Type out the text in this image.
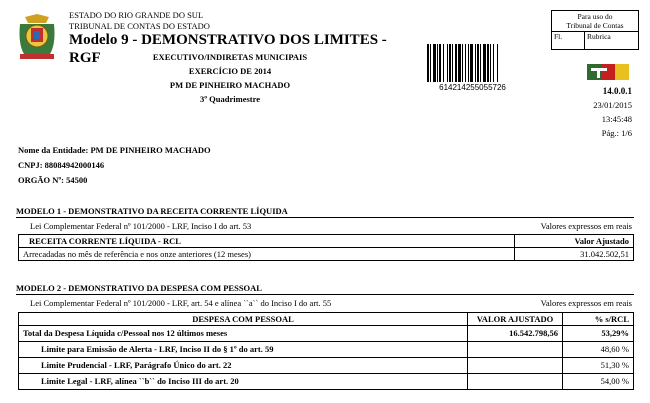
ESTADO DO RIO GRANDE DO SUL
TRIBUNAL DE CONTAS DO ESTADO
Modelo 9 - DEMONSTRATIVO DOS LIMITES - RGF	EXECUTIVO/INDIRETAS MUNICIPAIS
EXERCÍCIO DE 2014
PM DE PINHEIRO MACHADO
3º Quadrimestre
614214255055726
Para uso do
Tribunal de Contas
Fl.	Rubrica
14.0.0.1
23/01/2015
13:45:48
Pág.: 1/6
Nome da Entidade: PM DE PINHEIRO MACHADO
CNPJ: 88084942000146
ORGÃO Nº: 54500
MODELO 1 - DEMONSTRATIVO DA RECEITA CORRENTE LÍQUIDA
Lei Complementar Federal nº 101/2000 - LRF, Inciso I do art. 53	Valores expressos em reais
RECEITA CORRENTE LÍQUIDA - RCL	Valor Ajustado
Arrecadadas no mês de referência e nos onze anteriores (12 meses)	31.042.502,51
MODELO 2 - DEMONSTRATIVO DA DESPESA COM PESSOAL
Lei Complementar Federal nº 101/2000 - LRF, art. 54 e alínea ``a`` do Inciso I do art. 55	Valores expressos em reais
DESPESA COM PESSOAL	VALOR AJUSTADO	% s/RCL
Total da Despesa Líquida c/Pessoal nos 12 últimos meses	16.542.798,56	53,29%
Limite para Emissão de Alerta - LRF, Inciso II do § 1º do art. 59		48,60 %
Limite Prudencial - LRF, Parágrafo Único do art. 22		51,30 %
Limite Legal - LRF, alínea ``b`` do Inciso III do art. 20		54,00 %
